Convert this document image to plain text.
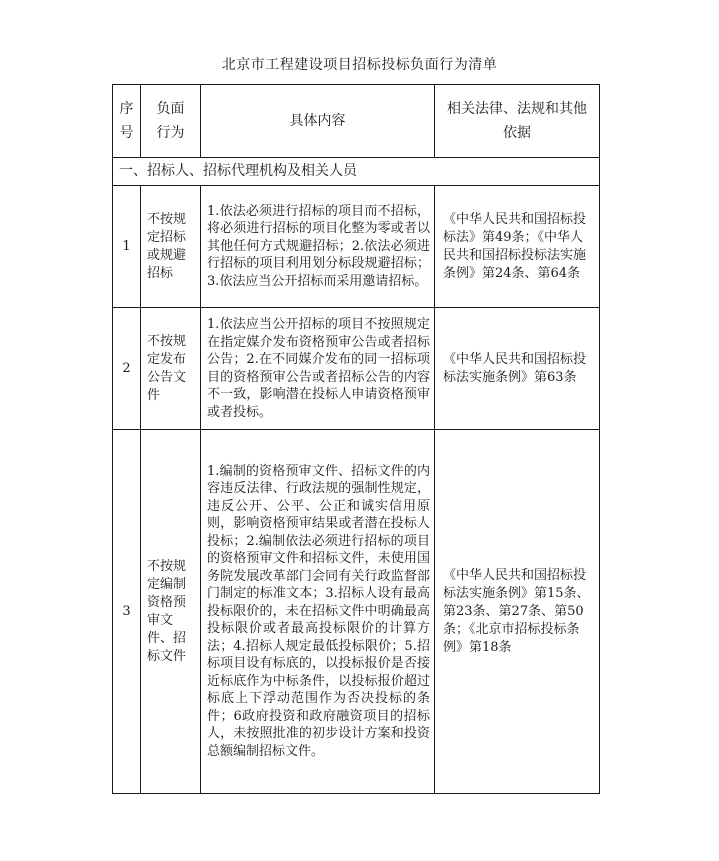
北京市工程建设项目招标投标负面行为清单
序号	负面行为	具体内容	相关法律、法规和其他依据
一、招标人、招标代理机构及相关人员			
1	不按规定招标或规避招标	1.依法必须进行招标的项目而不招标，将必须进行招标的项目化整为零或者以其他任何方式规避招标；2.依法必须进行招标的项目利用划分标段规避招标；3.依法应当公开招标而采用邀请招标。	《中华人民共和国招标投标法》第49条；《中华人民共和国招标投标法实施条例》第24条、第64条
2	不按规定发布公告文件	1.依法应当公开招标的项目不按照规定在指定媒介发布资格预审公告或者招标公告；2.在不同媒介发布的同一招标项目的资格预审公告或者招标公告的内容不一致，影响潜在投标人申请资格预审或者投标。	《中华人民共和国招标投标法实施条例》第63条
3	不按规定编制资格预审文件、招标文件	1.编制的资格预审文件、招标文件的内容违反法律、行政法规的强制性规定，违反公开、公平、公正和诚实信用原则，影响资格预审结果或者潜在投标人投标；2.编制依法必须进行招标的项目的资格预审文件和招标文件，未使用国务院发展改革部门会同有关行政监督部门制定的标准文本；3.招标人设有最高投标限价的，未在招标文件中明确最高投标限价或者最高投标限价的计算方法；4.招标人规定最低投标限价；5.招标项目设有标底的，以投标报价是否接近标底作为中标条件，以投标报价超过标底上下浮动范围作为否决投标的条件；6政府投资和政府融资项目的招标人，未按照批准的初步设计方案和投资总额编制招标文件。	《中华人民共和国招标投标法实施条例》第15条、第23条、第27条、第50条；《北京市招标投标条例》第18条
